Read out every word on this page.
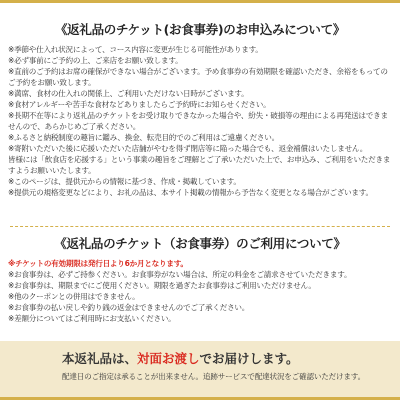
《返礼品のチケット(お食事券)のお申込みについて》
※季節や仕入れ状況によって、コース内容に変更が生じる可能性があります。
※必ず事前にご予約の上、ご来店をお願い致します。
※直前のご予約はお席の確保ができない場合がございます。予め食事券の有効期限を確認いただき、余裕をもってのご予約をお願い致します。
※満席、食材の仕入れの関係上、ご利用いただけない日時がございます。
※食材アレルギーや苦手な食材などありましたらご予約時にお知らせください。
※長期不在等により返礼品のチケットをお受け取りできなかった場合や、紛失・破損等の理由による再発送はできませんので、あらかじめご了承ください。
※ふるさと納税制度の趣旨に鑑み、換金、転売目的でのご利用はご遠慮ください。
※寄附いただいた後に応援いただいた店舗がやむを得ず閉店等に陥った場合でも、返金補償はいたしません。
皆様には「飲食店を応援する」という事業の趣旨をご理解とご了承いただいた上で、お申込み、ご利用をいただきますようお願いいたします。
※このページは、提供元からの情報に基づき、作成・掲載しています。
※提供元の規格変更などにより、お礼の品は、本サイト掲載の情報から予告なく変更となる場合がございます。
《返礼品のチケット（お食事券）のご利用について》
※チケットの有効期限は発行日より6か月となります。
※お食事券は、必ずご持参ください。お食事券がない場合は、所定の料金をご請求させていただきます。
※お食事券は、期限までにご使用ください。期限を過ぎたお食事券はご利用いただけません。
※他のクーポンとの併用はできません。
※お食事券の払い戻しや釣り銭の返金はできませんのでご了承ください。
※差額分についてはご利用時にお支払いください。
本返礼品は、対面お渡しでお届けします。
配達日のご指定は承ることが出来ません。追跡サービスで配達状況をご確認いただけます。
